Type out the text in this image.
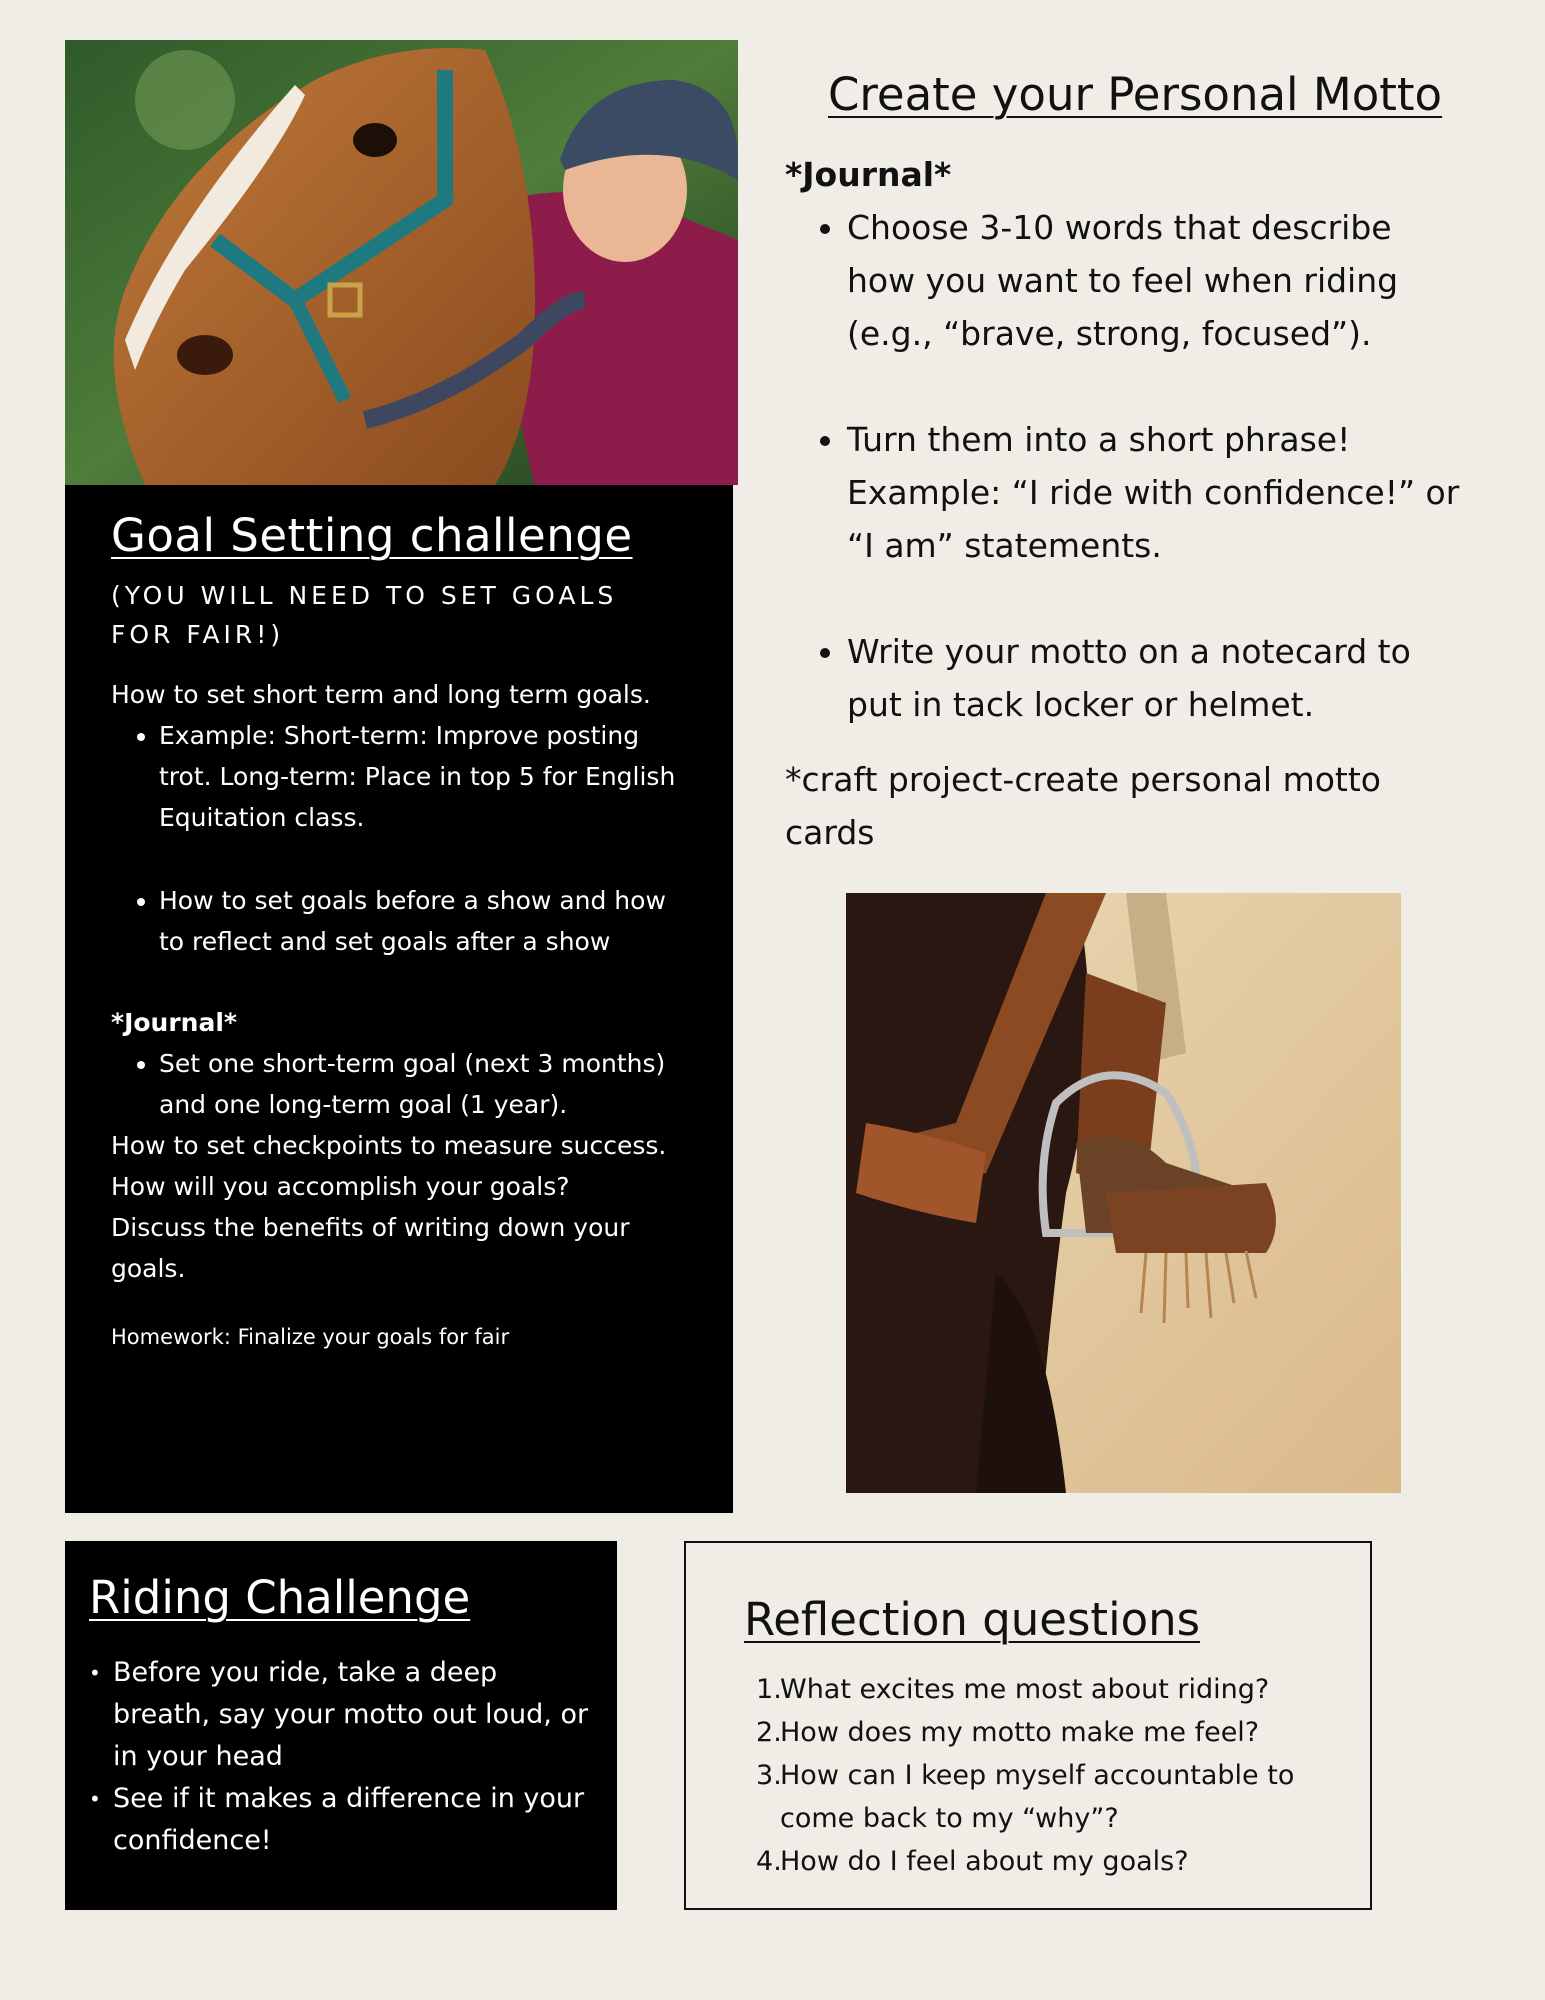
Goal Setting challenge
(YOU WILL NEED TO SET GOALS FOR FAIR!)

How to set short term and long term goals.

• Example: Short-term: Improve posting trot. Long-term: Place in top 5 for English Equitation class.
• How to set goals before a show and how to reflect and set goals after a show

*Journal*

• Set one short-term goal (next 3 months) and one long-term goal (1 year).

How to set checkpoints to measure success. How will you accomplish your goals?

Discuss the benefits of writing down your goals.

Homework: Finalize your goals for fair

Create your Personal Motto
*Journal*
• Choose 3-10 words that describe how you want to feel when riding (e.g., “brave, strong, focused”).
• Turn them into a short phrase! Example: “I ride with confidence!” or “I am” statements.
• Write your motto on a notecard to put in tack locker or helmet.
*craft project-create personal motto cards
Riding Challenge
• Before you ride, take a deep breath, say your motto out loud, or in your head
• See if it makes a difference in your confidence!
Reflection questions
What excites me most about riding?
How does my motto make me feel?
How can I keep myself accountable to come back to my “why”?
How do I feel about my goals?
